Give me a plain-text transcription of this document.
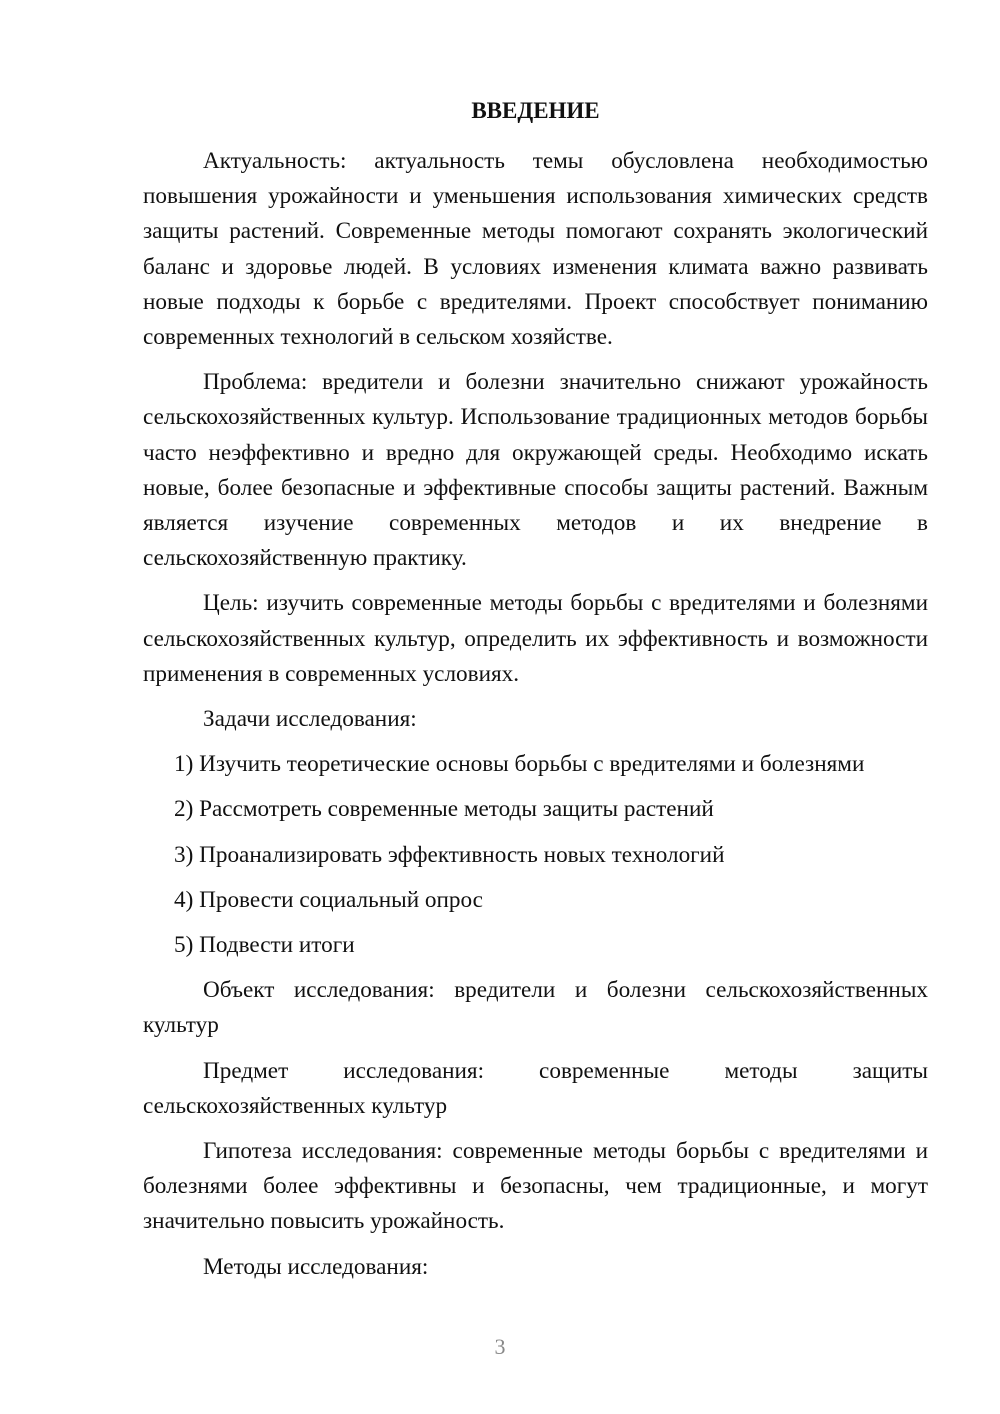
ВВЕДЕНИЕ

Актуальность: актуальность темы обусловлена необходимостью повышения урожайности и уменьшения использования химических средств защиты растений. Современные методы помогают сохранять экологический баланс и здоровье людей. В условиях изменения климата важно развивать новые подходы к борьбе с вредителями. Проект способствует пониманию современных технологий в сельском хозяйстве.

Проблема: вредители и болезни значительно снижают урожайность сельскохозяйственных культур. Использование традиционных методов борьбы часто неэффективно и вредно для окружающей среды. Необходимо искать новые, более безопасные и эффективные способы защиты растений. Важным является изучение современных методов и их внедрение в сельскохозяйственную практику.

Цель: изучить современные методы борьбы с вредителями и болезнями сельскохозяйственных культур, определить их эффективность и возможности применения в современных условиях.

Задачи исследования:

1) Изучить теоретические основы борьбы с вредителями и болезнями

2) Рассмотреть современные методы защиты растений

3) Проанализировать эффективность новых технологий

4) Провести социальный опрос

5) Подвести итоги

Объект исследования: вредители и болезни сельскохозяйственных культур

Предмет исследования: современные методы защиты сельскохозяйственных культур

Гипотеза исследования: современные методы борьбы с вредителями и болезнями более эффективны и безопасны, чем традиционные, и могут значительно повысить урожайность.

Методы исследования:

3
